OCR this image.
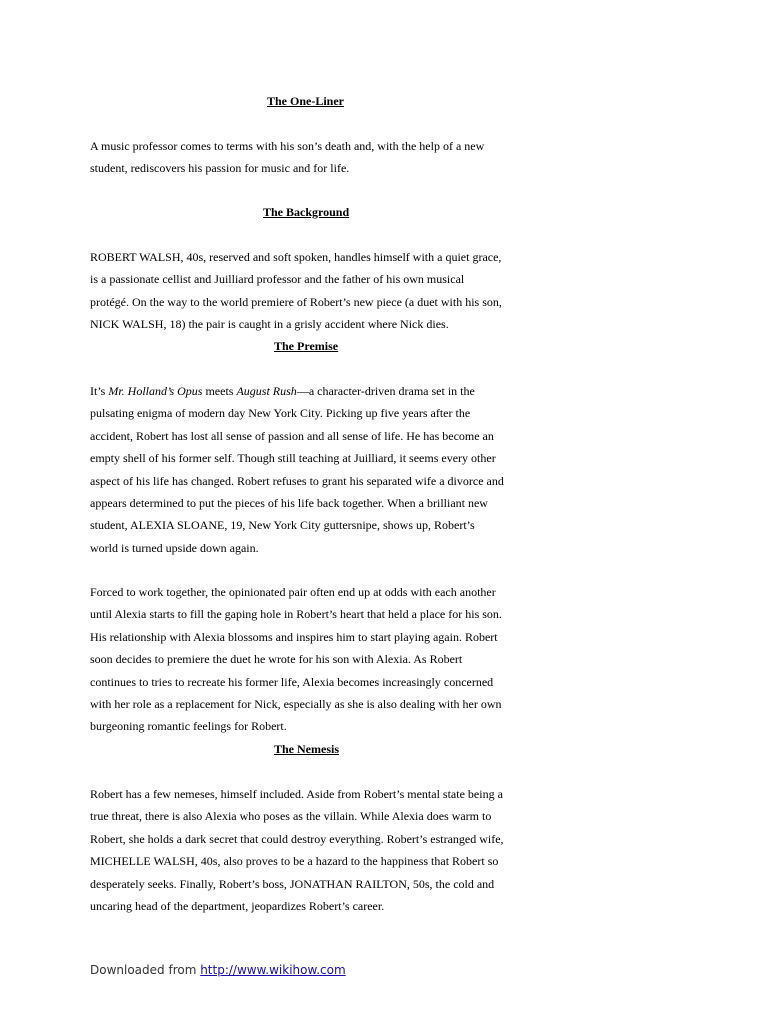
The One-Liner
A music professor comes to terms with his son’s death and, with the help of a new
student, rediscovers his passion for music and for life.
The Background
ROBERT WALSH, 40s, reserved and soft spoken, handles himself with a quiet grace,
is a passionate cellist and Juilliard professor and the father of his own musical
protégé. On the way to the world premiere of Robert’s new piece (a duet with his son,
NICK WALSH, 18) the pair is caught in a grisly accident where Nick dies.
The Premise
It’s Mr. Holland’s Opus meets August Rush—a character-driven drama set in the
pulsating enigma of modern day New York City. Picking up five years after the
accident, Robert has lost all sense of passion and all sense of life. He has become an
empty shell of his former self. Though still teaching at Juilliard, it seems every other
aspect of his life has changed. Robert refuses to grant his separated wife a divorce and
appears determined to put the pieces of his life back together. When a brilliant new
student, ALEXIA SLOANE, 19, New York City guttersnipe, shows up, Robert’s
world is turned upside down again.
Forced to work together, the opinionated pair often end up at odds with each another
until Alexia starts to fill the gaping hole in Robert’s heart that held a place for his son.
His relationship with Alexia blossoms and inspires him to start playing again. Robert
soon decides to premiere the duet he wrote for his son with Alexia. As Robert
continues to tries to recreate his former life, Alexia becomes increasingly concerned
with her role as a replacement for Nick, especially as she is also dealing with her own
burgeoning romantic feelings for Robert.
The Nemesis
Robert has a few nemeses, himself included. Aside from Robert’s mental state being a
true threat, there is also Alexia who poses as the villain. While Alexia does warm to
Robert, she holds a dark secret that could destroy everything. Robert’s estranged wife,
MICHELLE WALSH, 40s, also proves to be a hazard to the happiness that Robert so
desperately seeks. Finally, Robert’s boss, JONATHAN RAILTON, 50s, the cold and
uncaring head of the department, jeopardizes Robert’s career.
Downloaded from http://www.wikihow.com
